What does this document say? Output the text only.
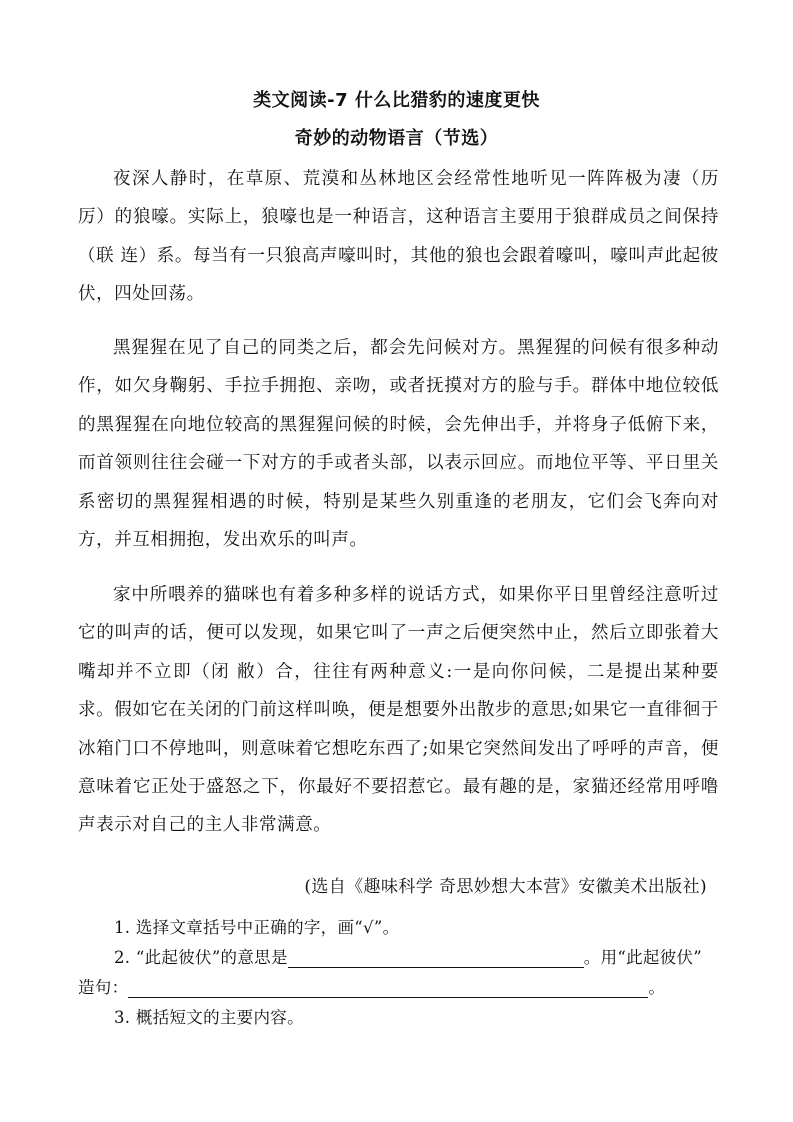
类文阅读-7 什么比猎豹的速度更快
奇妙的动物语言（节选）

夜深人静时，在草原、荒漠和丛林地区会经常性地听见一阵阵极为凄（历 厉）的狼嚎。实际上，狼嚎也是一种语言，这种语言主要用于狼群成员之间保持（联 连）系。每当有一只狼高声嚎叫时，其他的狼也会跟着嚎叫，嚎叫声此起彼伏，四处回荡。

黑猩猩在见了自己的同类之后，都会先问候对方。黑猩猩的问候有很多种动作，如欠身鞠躬、手拉手拥抱、亲吻，或者抚摸对方的脸与手。群体中地位较低的黑猩猩在向地位较高的黑猩猩问候的时候，会先伸出手，并将身子低俯下来，而首领则往往会碰一下对方的手或者头部，以表示回应。而地位平等、平日里关系密切的黑猩猩相遇的时候，特别是某些久别重逢的老朋友，它们会飞奔向对方，并互相拥抱，发出欢乐的叫声。

家中所喂养的猫咪也有着多种多样的说话方式，如果你平日里曾经注意听过它的叫声的话，便可以发现，如果它叫了一声之后便突然中止，然后立即张着大嘴却并不立即（闭 敝）合，往往有两种意义:一是向你问候，二是提出某种要求。假如它在关闭的门前这样叫唤，便是想要外出散步的意思;如果它一直徘徊于冰箱门口不停地叫，则意味着它想吃东西了;如果它突然间发出了呼呼的声音，便意味着它正处于盛怒之下，你最好不要招惹它。最有趣的是，家猫还经常用呼噜声表示对自己的主人非常满意。

(选自《趣味科学 奇思妙想大本营》安徽美术出版社)
1. 选择文章括号中正确的字，画“√”。
2. “此起彼伏”的意思是	。用“此起彼伏”
造句：	。
3. 概括短文的主要内容。
